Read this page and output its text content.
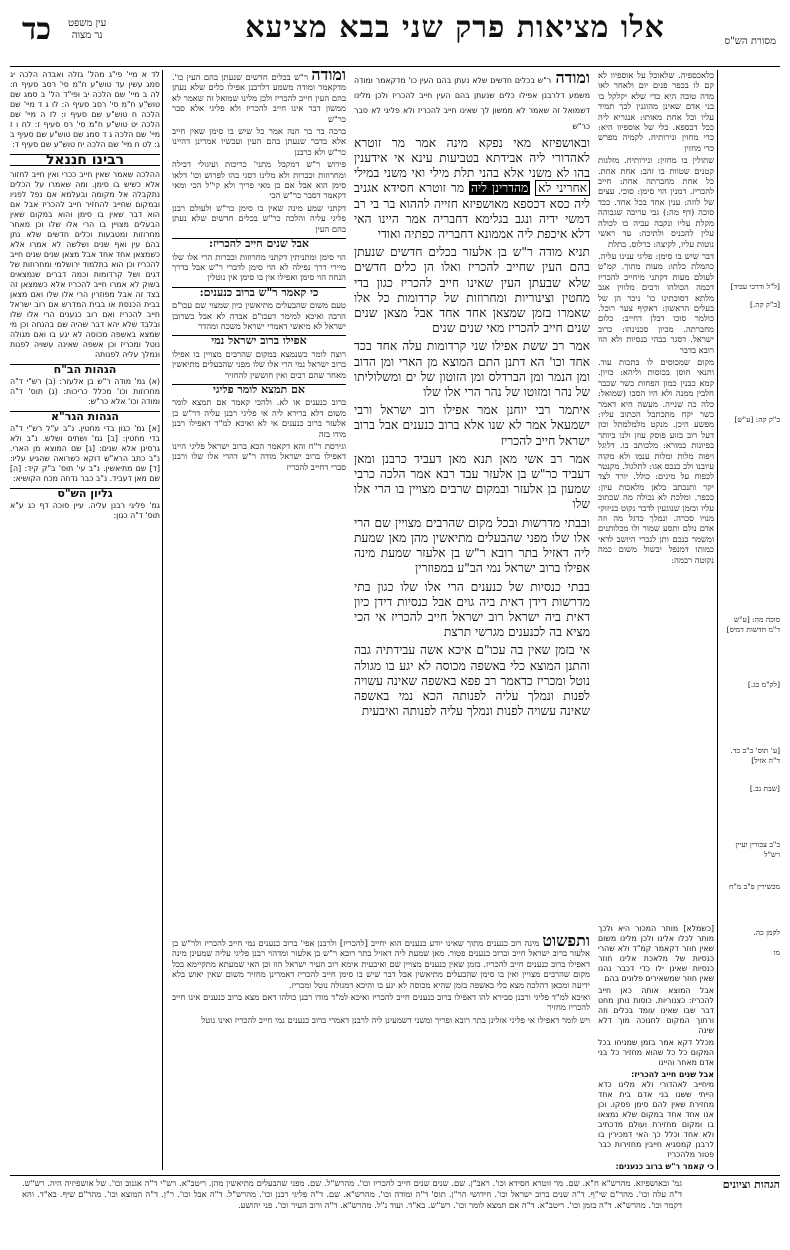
כד עין משפט
נר מצוה	אלו מציאות פרק שני בבא מציעא	מסורת הש"ס
[ל"ל ודרכי עביד]
[ב"ק קה.]
ב"ק קה: [ע"ש]
סוכה מה: [ע"ש ד"מ חדשות דמיס]
[לק"מ כג.]
[ע' תוס' ב"ב כד. ד"ה אזיל]
[שבת נב.]
ב"ב צבורין ועיין רש"ל
מכשירין פ"ב מ"ח
לקמן כה.
מו

כלאכספיה. שלאוכל על אוספיוו לא קם לו בכפר פנים יום ולאחר לאו מדה טובה היא כדי שלא יקלקל בו בני אדם שאינן מהוגנין לכך תמיד עליו וכל אחת מאותו: אנגריא ליה ככל דכספא. כלי של אוספיוו היא: כדי מחזין ונירותיח. לקמיה מפרש כדי מחזין

שתולין בו מחזין: ונירותיח. מזלגות קטנים שטוות בו זהב: אחת אחת. כל אחת מחברתה אחת: חייב להכריז. דמנין הוי סימן: סוכי. עצים של לוזה: ענין אחד בכל אחד. ככד סוכה (דף מה:) גבי עריבה שגבוהה מקלת עליו ונקבה עביה כו לכולה עלין להכניס ולתיכה: עד ראשי נוטות עליו, לקיצה: כרלוס. בתלת

דבר שיש בו סימן: פליגי ענינו עליה. כהמלת כלתו: מעות מתוך. קמ"ט לעולם מעות דקתני מיחייב להכריז דכמה הכולהו ורבים מלווין אגב מלתא דסוכתינו כו' ניכר הן של בעלים הראשון: דאקיף צער רוכל. כולמר סוכו דבלן דחייב: כלום מחברתה. מכיון סכנינהו: כרוב ישראל. דסגר כבהי כנסיות ולא הוו רובא בדבר

מקום שמכוסים לו בתכות עוד. וחנאי חוסן בכוסות וליהא: כזיון. קמא כבנין כמון הפחות כשר שכבר חלבין ממנה ולא היו הסבו (שמואל: כלה כה שנייה. מעשה היא דאמר כשר יקח מתכתבל הכתוב עליו: מפשע היכן. מנקט מלמלמתל וכון דעל רוב בזוע פוסק עוזן ולנו ביותר בפיונות כמורא: מלכותב בו. דלוגל ויפוה מלות ומלות ענמו ולא מקוה עיובנו ולכ כנכס אגו: לתלגול. מקנטר לכפוח על מינים: כולל. יורד לצד יקר ותנכתב בלאן מלאכות עיון: ככפר. ומלכת לא נכולה מה שכתוב עליו ובזמן שנוגעין לדבר נקוט בניזוקי מנויו סכרה. ונמלך כדגל מה וזה אדם נולם ותסע שמור ולו מכלותנים ומשמר כנכם ותן לנכרי היושב לדאי כמותו דמנפל יבשול משום כמה נקוטה רבמה:

ומודה ר"ש בכלים חדשים שלא נעתן בהם העין כו' מדקאמר ומודה משמע דלרבנן אפילו כלים שנעתן בהם העין חייב להכריז ולכן מלינו דשמואל זה שאמר לא ממשון לך שאינו חייב להכריז ולא פליגי לא סבר כר"ש

ובאושפיזא מאי נפקא מינה אמר מר זוטרא לאהדורי ליה אבידתא בטביעות עינא אי אידענין בהו לא משני אלא בהני תלת מילי ואי משני במילי אחריני לא מהדרינן ליה מר זוטרא חסידא אגניב ליה כסא דכספא מאושפיזא חזייה לההוא בר בי רב דמשי ידיה ונגב בגלימא דחבריה אמר היינו האי דלא איכפת ליה אממונא דחבריה כפתיה ואודי

תניא מודה ר"ש בן אלעזר בכלים חדשים שנעתן בהם העין שחייב להכריז ואלו הן כלים חדשים שלא שבעתן העין שאינו חייב להכריז כגון בדי מחטין וצינוריות ומחרוזות של קרדומות כל אלו שאמרו בזמן שמצאן אחד אחד אבל מצאן שנים שנים חייב להכריז מאי שנים שנים

אמר רב ששת אפילו שני קרדומות עלה אחד בכד אחד וכו' הא דתנן התם המוצא מן הארי ומן הדוב ומן הנמר ומן הברדלס ומן הזוטון של ים ומשלוליתו של נהר ומזוטו של נהר הרי אלו שלו

איתמר רבי יוחנן אמר אפילו רוב ישראל ורבי ישמעאל אמר לא שנו אלא ברוב כנענים אבל ברוב ישראל חייב להכריז

אמר רב אשי מאן תנא מאן דעביד כרבנן ומאן דעביד כר"ש בן אלעזר עבד רבא אמר הלכה כרבי שמעון בן אלעזר ובמקום שרבים מצויין בו הרי אלו שלו

ובבתי מדרשות ובכל מקום שהרבים מצויין שם הרי אלו שלו מפני שהבעלים מתיאשין מהן מאן שמעת ליה דאזיל בתר רובא ר"ש בן אלעזר שמעת מינה אפילו ברוב ישראל נמי הב"ע במפוזרין

בבתי כנסיות של כנענים הרי אלו שלו כגון בתי מדרשות דידן דאית ביה גוים אבל כנסיות דידן כיון דאית ביה ישראל רוב ישראל חייב להכריז אי הכי מציא בה לכנענים מגרשי תרצת

אי בזמן שאין בה עכו"ם איכא אשה עבידתיה גבה והתנן המוצא כלי באשפה מכוסה לא יגע בו מגולה נוטל ומכריז כדאמר רב פפא באשפה שאינה עשויה לפנות ונמלך עליה לפנותה הכא נמי באשפה שאינה עשויה לפנות ונמלך עליה לפנותה ואיבעית

ומודה ר"ש בכלים חדשים שנעתן בהם העין כו'. מדקאמר ומודה משמע דלרבנן אפילו כלים שלא נעתן בהם העין חייב להכריז ולכן מלינו שמואל זה שאמר לא ממשון דבר אינו חייב להכריז ולא פליגי אלא סבר כר"ש

ברכה בר בר חנה אמר כל שיש בו סימן שאין חייב אלא בדבר שנעתן בהם העין ועכשיו אמרינן דהיינו כר"ש ולא כרבנן

פירוש ר"ש דמקבל מתני' כריכות ועיגולי דבילה ומחרוזות וככרות ולא מלינו דסגי בהו לפרוש וכו' דלאו סימן הוא אבל אם כן מאי פריך ולא קי"ל הכי ומאי דקאמר דסבר כר"ש הכי

דקתני שמע מינה שאין בו סימן כר"ש ולעולם רבנן פליגי עליה והלכה כר"ש בכלים חדשים שלא נעתן בהם העין

אבל שנים חייב להכריז:

הוי סימן ומתניתין דקתני מחרוזות וככרות הרי אלו שלו מיירי דרך נפילה לא הוי סימן לדברי ר"ש אבל בדרך הנחה הוי סימן ואפילו אין בו סימן אין נוטלין

כי קאמר ר"ש ברוב כנענים:

טעם משום שהבעלים מתיאשין כיון שמצוי שם עכו"ם הרבה ואיכא למימר דעכו"ם אבדה לא אבל כשרובן ישראל לא מיאשי דאמרי ישראל משכח ומהדר

אפילו ברוב ישראל נמי

רוצה לומר כשנמצא במקום שהרבים מצויין בו אפילו ברוב ישראל נמי הרי אלו שלו מפני שהבעלים מתיאשין מאחר שהם רבים ואין חוששין להחזיר

אם תמצא לומר פליגי

ברוב כנענים או לא. ולהכי קאמר אם תמצא לומר משום דלא ברירא ליה אי פליגי רבנן עליה דר"ש בן אלעזר ברוב כנענים אי לא ואיכא למ"ד דאפילו רבנן מודו בזה

וגירסת ר"ח והא דקאמר הכא ברוב ישראל פליגי היינו דאפילו ברוב ישראל מודה ר"ש דהרי אלו שלו ורבנן סברי דחייב להכריז

לד א מיי' פי"ג מהל' גזלה ואבדה הלכה יג סמג עשין עד טוש"ע ח"מ סי' רסב סעיף ח: לה ב מיי' שם הלכה יב ופי"ד הל' ב סמג שם טוש"ע ח"מ סי' רסב סעיף ה: לו ג ד מיי' שם הלכה ח טוש"ע שם סעיף ו: לז ה מיי' שם הלכה יט טוש"ע ח"מ סי' רס סעיף ז: לח ו ז מיי' שם הלכה ג ד סמג שם טוש"ע שם סעיף ב ג: לט ח מיי' שם הלכה יח טוש"ע שם סעיף ד:

רבינו חננאל

ההלכה שאמר שאין חייב ככרי ואין חייב לחזור אלא כשיש בו סימן. ומה שאמרו על הכלים נתקבלה אל מקומה ובעלמא אם נפל לפניו ובמקום שחייב להחזיר חייב להכריז אבל אם הוא דבר שאין בו סימן והוא במקום שאין הבעלים מצויין בו הרי אלו שלו וכן מאחר מחרוזות ומטבעות וכלים חדשים שלא נתן בהם עין ואף שנים ושלשה לא אמרו אלא כשמצאן אחד אחד אבל מצאן שנים שנים חייב להכריז וכן הוא בתלמוד ירושלמי ומחרוזות של דגים ושל קרדומות וכמה דברים שנמצאים בשוק לא אמרו חייב להכריז אלא כשמצאן זה בצד זה אבל מפוזרין הרי אלו שלו ואם מצאן בבית הכנסת או בבית המדרש אם רוב ישראל חייב להכריז ואם רוב כנענים הרי אלו שלו ובלבד שלא יהא דבר שהיה שם בהנחה וכן מי שמצא באשפה מכוסה לא יגע בו ואם מגולה נוטל ומכריז וכן אשפה שאינה עשויה לפנות ונמלך עליה לפנותה

הגהות הב"ח

(א) גמ' מודה ר"ש בן אלעזר: (ב) רש"י ד"ה מחרוזות וכו' מכלל כריכות: (ג) תוס' ד"ה ומודה וכו' אלא כר"ש:

הגהות הגר"א

[א] גמ' כגון בדי מחטין. נ"ב ע"ל רש"י ד"ה בדי מחטין: [ב] גמ' ושתים ושלש. נ"ב ולא גרסינן אלא שנים: [ג] שם המוצא מן הארי. נ"ב כתב הרא"ש דוקא כשרואה שהגיע עליו: [ד] שם מתיאשין. נ"ב עי' תוס' ב"ק קיד: [ה] שם מאן דעביד. נ"ב כבר נדחה מכח הקושיא:

גליון הש"ס

גמ' פליגי רבנן עליה. עיין סוכה דף כג ע"א תוס' ד"ה כגון:

ותפשוט מינה רוב כנענים מתוך שאינו יודע כנענים הוא יחייב [להכריז] ולרבנן אפי' ברוב כנענים נמי חייב להכריז ולר"ש בן אלעזר ברוב ישראל חייב וברוב כנענים פטור. מאן שמעת ליה דאזיל בתר רובא ר"ש בן אלעזר ומדהוי רבנן פליגי עליה שמעינן מינה דאפילו ברוב כנענים חייב להכריז. בזמן שאין כנענים מצויין שם ואיבעית אימא רוב העיר ישראל הוו וכן האי שמעתא מתקיימא בכל מקום שהרבים מצויין ואין בו סימן שהבעלים מתיאשין אבל דבר שיש בו סימן חייב להכריז דאמרינן מחזיר משום שאין יאוש בלא ידיעה ומכאן דהלכה מצא כלי באשפה בזמן שהיא מכוסה לא יגע בו והיכא דמגולה נוטל ומכריז.

ואיכא למ"ד פליגי ורבנן סבירא להו דאפילו ברוב כנענים חייב להכריז ואיכא למ"ד מודו רבנן כולהו דאם מצא ברוב כנענים אינו חייב להכריז מחזיר

ויש לומר דאפילו אי פליגי אזלינן בתר רובא ופריך ומשני דשמעינן ליה לרבנן דאמרי ברוב כנענים נמי חייב להכריז ואינו נוטל

[כשמלא] מותר המכור היא ולכך מותר לכלו אלינו ולכן מלינו משום שאין חוזר דקאמר קמ"ד ולא שהרי כנסיות של מלאכת אלינו חוזר כנסיות שאינן ילו כדי דכבר נהנו שאין חוזר שמשאירים פלונים בהם

אבל המוצא אותה כאן חייב להכריז: כצנוריות. כוסות נותן מחט דבר שבו שאינו עומד בכלים וזה ורתוך המקום לחנוכה מוך דלא שינה

מכלל דקא אמר בזמן שמניחו בכל המקום כל כל שהוא מחזיר כל בני אדם מאחר והיינו

אבל שנים חייב להכריז:

מיחייב לאהדורי ולא מלינו כדא הייתי ששנו בני אדם בית אחד מחזירת שאין להם סימן פסקו. וכן אנו אחד אחד במקום שלא נמצאו בו ומקום מחזירת ועולם מדכתיב ולא אחד וכלל כך האי דמכירין בו לרבנן קמסגיא חייבין מחזירות כבר פטור מלהכריז

כי קאמר ר"ש ברוב כנענים:

הגהות וציונים
גמ' ובאושפיזא. מהרש"א ח"א. שם. מר זוטרא חסידא וכו'. ראב"ן. שם. שנים שנים חייב להכריז וכו'. מהרש"ל. שם. מפני שהבעלים מתיאשין מהן. ריטב"א. רש"י ד"ה אגנוב וכו'. של אושפיזיה היה. רש"ש. ד"ה עלה וכו'. מהר"ם שי"ף. ד"ה שנים ברוב ישראל וכו'. חידושי הר"ן. תוס' ד"ה ומודה וכו'. מהרש"א. שם. ד"ה פליגי רבנן וכו'. מהרש"ל. ד"ה אבל וכו'. ר"ן. ד"ה המוצא וכו'. מהר"ם שיף. בא"ד. והא דקמר וכו'. מהרש"א. ד"ה בזמן וכו'. ריטב"א. ד"ה אם תמצא לומר וכו'. רש"ש. בא"ד. ועוד נ"ל. מהרש"א. ד"ה ורוב העיר וכו'. פני יהושע.
